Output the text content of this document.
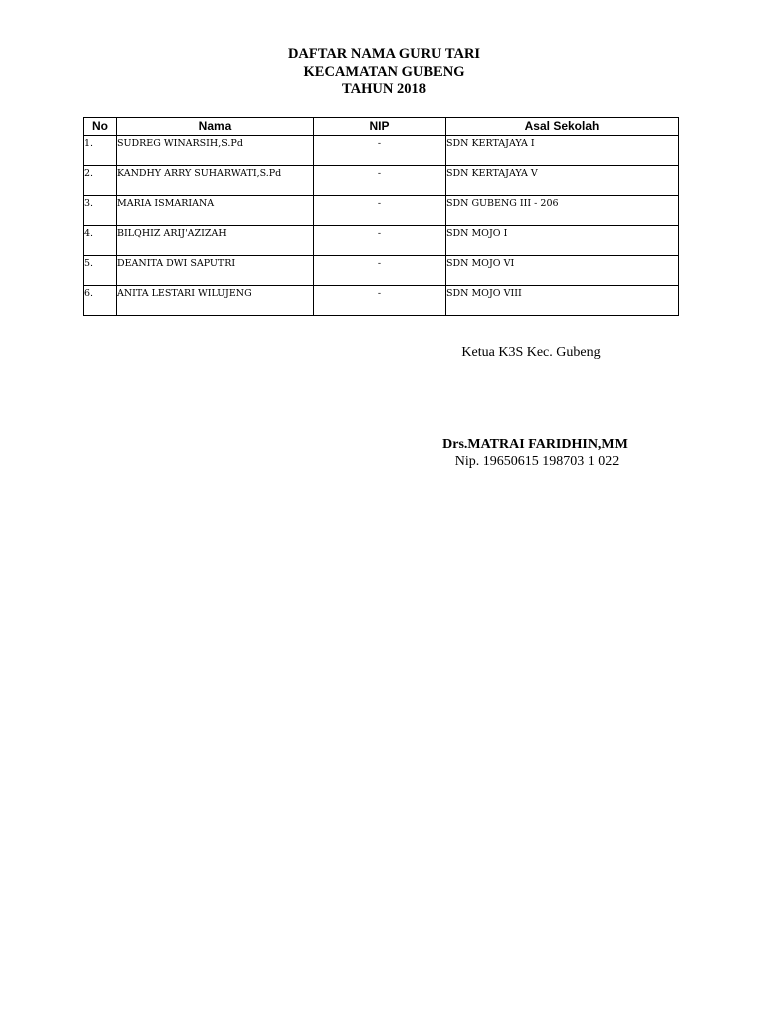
DAFTAR NAMA GURU TARI
KECAMATAN GUBENG
TAHUN 2018
No	Nama	NIP	Asal Sekolah
1.	SUDREG WINARSIH,S.Pd	-	SDN KERTAJAYA I
2.	KANDHY ARRY SUHARWATI,S.Pd	-	SDN KERTAJAYA V
3.	MARIA ISMARIANA	-	SDN GUBENG III - 206
4.	BILQHIZ ARIJ'AZIZAH	-	SDN MOJO I
5.	DEANITA DWI SAPUTRI	-	SDN MOJO VI
6.	ANITA LESTARI WILUJENG	-	SDN MOJO VIII
Ketua K3S Kec. Gubeng
Drs.MATRAI FARIDHIN,MM
Nip. 19650615 198703 1 022
